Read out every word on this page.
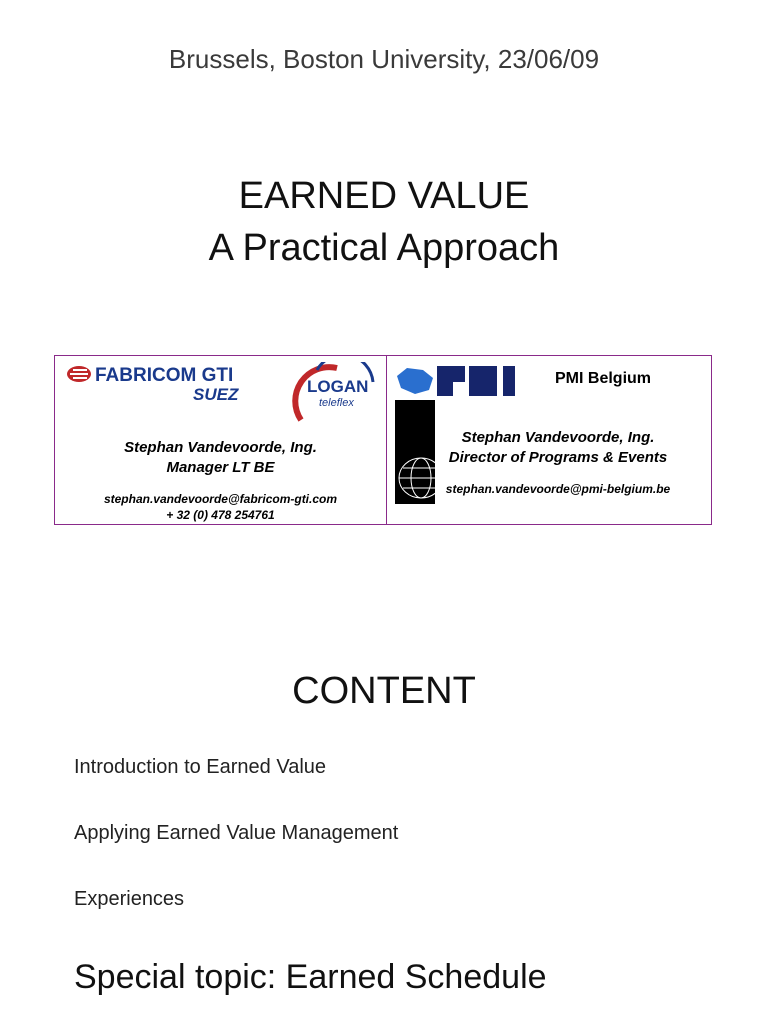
Brussels, Boston University, 23/06/09
EARNED VALUE
A Practical Approach
FABRICOM GTI
SUEZ	LOGAN
teleflex
Stephan Vandevoorde, Ing.
Manager LT BE
stephan.vandevoorde@fabricom-gti.com
+ 32 (0) 478 254761
PMI Belgium
Stephan Vandevoorde, Ing.
Director of Programs & Events
stephan.vandevoorde@pmi-belgium.be
CONTENT
Introduction to Earned Value
Applying Earned Value Management
Experiences
Special topic: Earned Schedule
